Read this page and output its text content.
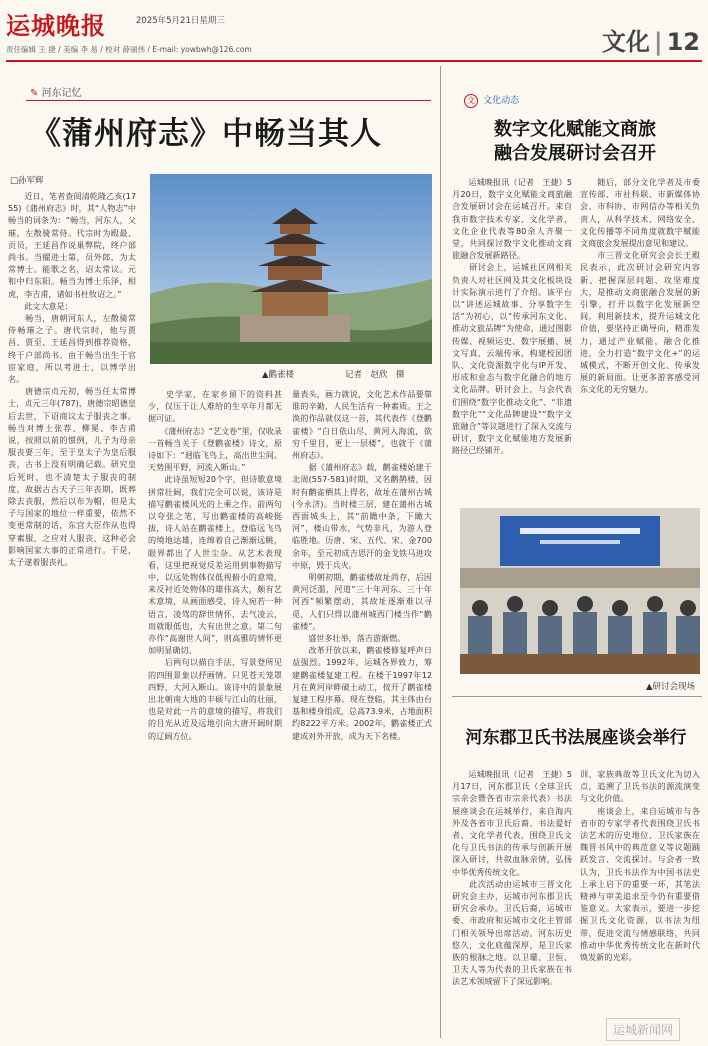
运城晚报	2025年5月21日星期三
责任编辑 王 捷 / 美编 李 易 / 校对 薛丽伟 / E-mail: yowbwh@126.com	文化 | 12
✎ 河东记忆
《蒲州府志》中畅当其人
□孙军辉
　　近日，笔者查阅清乾隆乙亥(1755)《蒲州府志》时，其“人物志”中畅当的词条为：“畅当，河东人，父璀，左散骑常侍。代宗时为殿最、贡员，王延昌作说巢弊院，终户部尚书。当擢进士第，员外郎，为太常博士。能歌之名，诏太常议。元和中归东阳。畅当为博士乐泽，相虎，李吉甫，诸如书杜牧诏之。”
　　此文大意是：
　　畅当，唐朝河东人，左散骑常侍畅璀之子。唐代宗时，他与贾昌、贾至、王延昌得到推荐资格，终于户部尚书。由于畅当出生于官宦家庭，所以考进士，以博学出名。
　　唐德宗贞元初，畅当任太常博士，贞元三年(787)，唐德宗昭德皇后去世，下诏商议太子服丧之事。畅当对博士张荐、柳冕、李吉甫说，按照以前的惯例，儿子为母亲服丧要三年，至于皇太子为皇后服丧，古书上没有明确记载。研究皇后死时，也不清楚太子服丧的制度，故据古古天子三年丧期，既葬除去丧服，然后以布为帽，但是太子与国家的地位一样重要，依然不变更常制的话，东宫大臣作从也得穿素服，之应对人服丧，这种必会影响国家大事的正常进行。于是，太子遂着服丧礼。
▲鹳雀楼	记者　赵欣　摄
　　史学家，在家乡留下的资料甚少，仅压于让人难给的生卒年月都无据可证。
　　《蒲州府志》“艺文卷”里，仅收录一首畅当关于《登鹳雀楼》诗文，原诗如下：“迥临飞鸟上，高出世尘间。天势围平野，河流入断山。”
　　此诗虽短短20个字，但诗歌意境拼常壮阔，我们完全可以说，该诗是描写鹳雀楼风光的上乘之作。前两句以夸张之笔，写出鹳雀楼的高峻挺拔，诗人站在鹳雀楼上，登临远飞鸟的境地达雄，连绵着自己渐渐远眺，眼界都出了人世尘杂。从艺术表现看，这里把视觉反差运用到事物描写中，以远处物体仅低视俯小的意境，来反衬近处物体的雄伟高大，颇有艺术意境，从画面感受，诗人宛若一种语言，凌驾的辞世情怀，去气凌云，而就眼低也，大有出世之意。第二句亦作“高谢世人间”，则高雅的情怀更加明显确切。
　　后两句以描自手法，写景登所见的四围景象以抒画情。只见苍天笼罩四野，大河入断山。该诗中的景象展出北朝南大地的丰硕与江山的壮丽，也是对此一片的意境的描写，将我们的目光从近及远地引向大唐开阔时期的辽阔方位。
量表头，画力就说，文化艺术作品要靠谁的辛勤，人民生活有一种素质。王之涣的作品就仅这一首，其代表作《登鹳雀楼》“白日依山尽，黄河入海流，欲穷千里目，更上一层楼”，也就于《蒲州府志》。
　　据《蒲州府志》载，鹳雀楼始建于北周(557-581)时期，又名鹳鹊楼，因时有鹳雀栖其上得名，故址在蒲州古城(今永济)。当时楼三层，建在蒲州古城西面城头上，其“前瞻中条，下瞰大河”，楼山带水，气势非凡，为游人登临胜地。历唐、宋、五代、宋、金700余年，至元初成吉思汗的金戈铁马进攻中原，毁于兵火。
　　明朝初期，鹳雀楼故址尚存，后因黄河泛滥，河道“三十年河东、三十年河西”频繁摆动，其故址逐渐难以寻觅，人们只得以蒲州城西门楼当作“鹳雀楼”。
　　盛世多壮举，落吉游渐燃。
　　改革开放以来，鹳雀楼修复呼声日益强烈。1992年，运城各界致力，筹建鹳雀楼复建工程。在楼于1997年12月在黄河岸畔破土动工，按开了鹳雀楼复建工程序幕。现在登临，其主体由台基和楼身组成，总高73.9米，占地面积约8222平方米。2002年，鹳雀楼正式建成对外开放，成为天下名楼。
文 文化动态
数字文化赋能文商旅
融合发展研讨会召开
　　运城晚报讯（记者　王捷）5月20日，数字文化赋能文商旅融合发展研讨会在运城召开。来自我市数字技术专家、文化学者、文化企业代表等80余人齐聚一堂，共同探讨数字文化推动文商旅融合发展新路径。
　　研讨会上，运城社区网相关负责人对社区网及其文化板块设计实际演示进行了介绍。该平台以“讲述运城故事、分享数字生活”为初心，以“传承河东文化、推动文旅品牌”为使命，通过图影传媒、视频运史、数字展播、展文写真、云端传承，构建校园团队、文化资源数字化与IP开发、形成和业态与数字化融合的地方文化品牌。研讨会上，与会代表们围绕“数字化推动文化”、“非遗数字化”“文化品牌建设”“数字文旅融合”等议题进行了深入交流与研讨，数字文化赋能地方发展新路径已经铺开。
　　随后，部分文化学者及市委宣传部、市社科联、市新媒体协会、市科协、市网信办等相关负责人，从科学技术、网络安全、文化传播等不同角度就数字赋能文商旅会发展提出意见和建议。
　　市三晋文化研究会会长王殿民表示，此次研讨会研究内容新、把握深层问题、攻坚难度大，是推动文商旅融合发展的新引擎，打开以数字化发展新空间，利用新技术，提升运城文化价值，要坚持正确导向，精准发力，通过产业赋能，融合化推进，全力打造“数字文化+”的运城模式，不断开创文化、传承发展的新局面。让更多游客感受河东文化的无穷魅力。
▲研讨会现场
河东郡卫氏书法展座谈会举行
　　运城晚报讯（记者　王捷）5月17日，河东郡卫氏（全球卫氏宗亲会暨各省市宗亲代表）书法展座谈会在运城举行，来自海内外及各省市卫氏后裔、书法爱好者、文化学者代表，围绕卫氏文化与卫氏书法的传承与创新开展深入研讨，共叙血脉亲情，弘扬中华优秀传统文化。
　　此次活动由运城市三晋文化研究会主办，运城市河东郡卫氏研究会承办。卫氏后裔，运城市委、市政府和运城市文化主管部门相关领导出席活动。河东历史悠久，文化底蕴深厚，是卫氏家族的根脉之地。以卫瓘、卫恒、卫夫人等为代表的卫氏家族在书法艺术领域留下了深远影响。
训、家族典故等卫氏文化为切入点，追溯了卫氏书法的源流演变与文化价值。
　　座谈会上，来自运城市与各省市的专家学者代表围绕卫氏书法艺术的历史地位、卫氏家族在魏晋书风中的典范意义等议题踊跃发言、交流探讨。与会者一致认为，卫氏书法作为中国书法史上承上启下的重要一环，其笔法精神与审美追求至今仍有重要借鉴意义。大家表示，要进一步挖掘卫氏文化资源，以书法为纽带，促进交流与情感联络，共同推动中华优秀传统文化在新时代焕发新的光彩。
运城新闻网
